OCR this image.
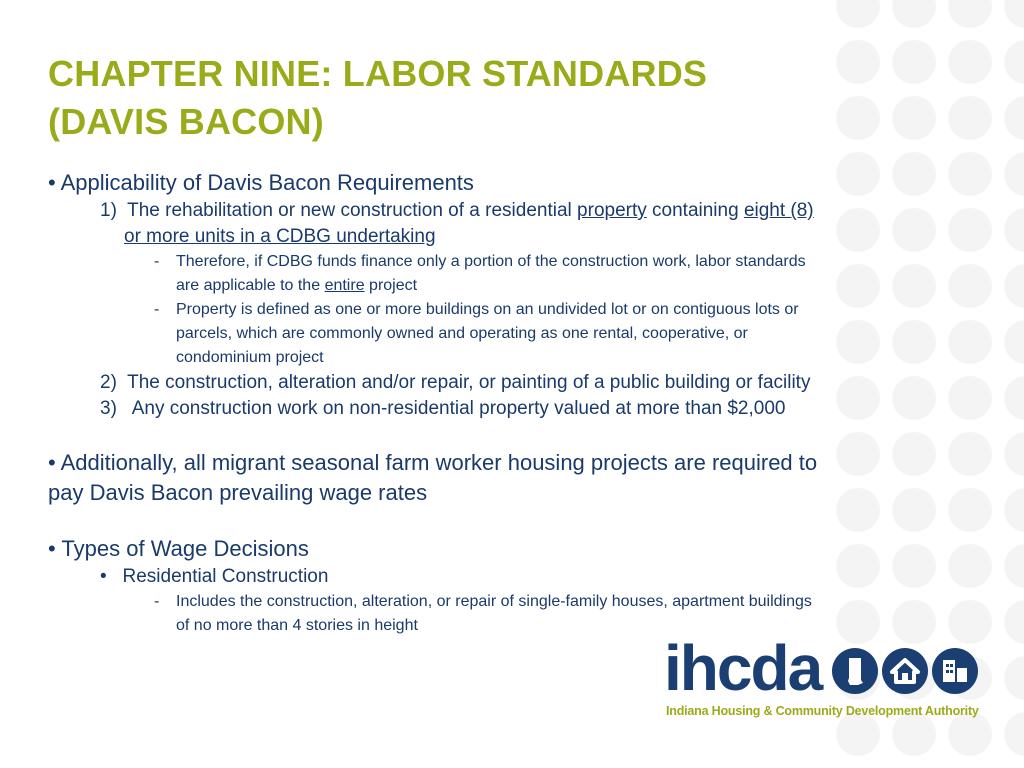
CHAPTER NINE: LABOR STANDARDS
(DAVIS BACON)
• Applicability of Davis Bacon Requirements
1) The rehabilitation or new construction of a residential property containing eight (8)
or more units in a CDBG undertaking
-	Therefore, if CDBG funds finance only a portion of the construction work, labor standards
are applicable to the entire project
-	Property is defined as one or more buildings on an undivided lot or on contiguous lots or
parcels, which are commonly owned and operating as one rental, cooperative, or
condominium project
2) The construction, alteration and/or repair, or painting of a public building or facility
3) Any construction work on non-residential property valued at more than $2,000
• Additionally, all migrant seasonal farm worker housing projects are required to
pay Davis Bacon prevailing wage rates
• Types of Wage Decisions
• Residential Construction
-	Includes the construction, alteration, or repair of single-family houses, apartment buildings
of no more than 4 stories in height
ihcda
Indiana Housing & Community Development Authority
